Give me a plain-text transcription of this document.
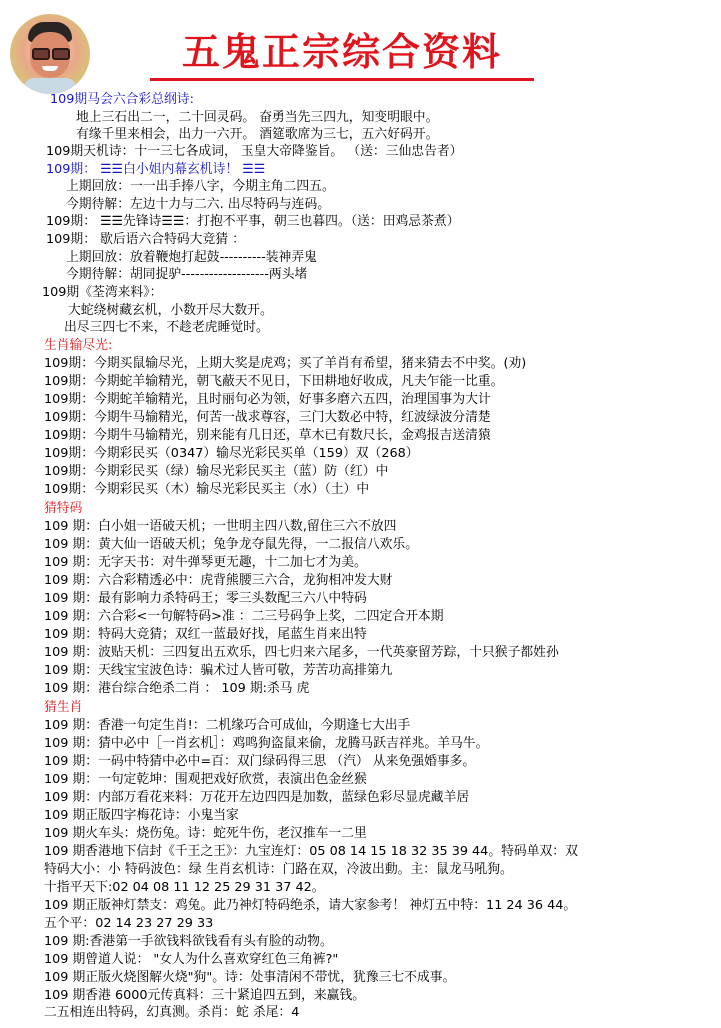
五鬼正宗综合资料
109期马会六合彩总纲诗:
地上三石出二一，二十回灵码。 奋勇当先三四九，知变明眼中。
有缘千里来相会，出力一六开。 酒筵歌席为三七，五六好码开。
109期天机诗：十一三七各成词， 玉皇大帝降鉴旨。 （送：三仙忠告者）
109期： ☰☰白小姐内幕玄机诗！ ☰☰
上期回放：一一出手捧八字，今期主角二四五。
今期待解：左边十力与二六. 出尽特码与连码。
109期： ☰☰先锋诗☰☰：打抱不平事，朝三也暮四。（送：田鸡忌茶煮）
109期： 歇后语六合特码大竞猜 ：
上期回放：放着鞭炮打起鼓----------装神弄鬼
今期待解：胡同捉驴-------------------两头堵
109期《荃湾来料》：
大蛇绕树藏玄机，小数开尽大数开。
出尽三四七不来，不趁老虎睡觉时。
生肖输尽光:
109期：今期买鼠输尽光，上期大奖是虎鸡；买了羊肖有希望，猪来猜去不中奖。(劝)
109期：今期蛇羊输精光，朝飞蔽天不见日，下田耕地好收成，凡夫乍能一比重。
109期：今期蛇羊输精光，且时丽句必为领，好事多磨六五四，治理国事为大计
109期：今期牛马输精光，何苦一战求尊容，三门大数必中特，红波绿波分清楚
109期：今期牛马输精光，别来能有几日还，草木已有数尺长，金鸡报吉送清猿
109期：今期彩民买（0347）输尽光彩民买单（159）双（268）
109期：今期彩民买（绿）输尽光彩民买主（蓝）防（红）中
109期：今期彩民买（木）输尽光彩民买主（水）（土）中
猜特码
109 期：白小姐一语破天机；一世明主四八数,留住三六不放四
109 期：黄大仙一语破天机；兔争龙夺鼠先得，一二报信八欢乐。
109 期：无字天书：对牛弹琴更无趣，十二加七才为美。
109 期：六合彩精透必中：虎背熊腰三六合，龙狗相冲发大财
109 期：最有影响力杀特码王；零三头数配三六八中特码
109 期：六合彩<一句解特码>准 ：二三号码争上奖，二四定合开本期
109 期：特码大竞猜；双红一蓝最好找，尾蓝生肖来出特
109 期：波贴天机：三四复出五欢乐，四七归来六尾多，一代英豪留芳踪，十只猴子都姓孙
109 期：天线宝宝波色诗：骗术过人皆可敬，芳苦功高排第九
109 期：港台综合绝杀二肖 ： 109 期:杀马 虎
猜生肖
109 期：香港一句定生肖!：二机缘巧合可成仙，今期逢七大出手
109 期：猜中必中［一肖玄机］：鸡鸣狗盗鼠来偷，龙腾马跃吉祥兆。羊马牛。
109 期：一码中特猜中必中=百：双门绿码得三思 （汽） 从来免强婚事多。
109 期：一句定乾坤：围观把戏好欣赏，表演出色金丝猴
109 期：内部万看花来料：万花开左边四四是加数，蓝绿色彩尽显虎藏羊居
109 期正版四字梅花诗：小鬼当家
109 期火车头：烧伤兔。诗：蛇死牛伤，老汉推车一二里
109 期香港地下信封《千王之王》：九宝连灯：05 08 14 15 18 32 35 39 44。特码单双：双
特码大小：小 特码波色：绿 生肖玄机诗：门路在双，冷波出動。主：鼠龙马吼狗。
十指平天下:02 04 08 11 12 25 29 31 37 42。
109 期正版神灯禁支：鸡兔。此乃神灯特码绝杀，请大家参考！ 神灯五中特：11 24 36 44。
五个平：02 14 23 27 29 33
109 期:香港第一手欲钱料欲钱看有头有脸的动物。
109 期曾道人说： "女人为什么喜欢穿红色三角裤?"
109 期正版火烧图解火烧"狗"。诗：处事清闲不带忧，犹豫三七不成事。
109 期香港 6000元传真料：三十紧追四五到，来赢钱。
二五相连出特码，幻真测。杀肖：蛇 杀尾：4
